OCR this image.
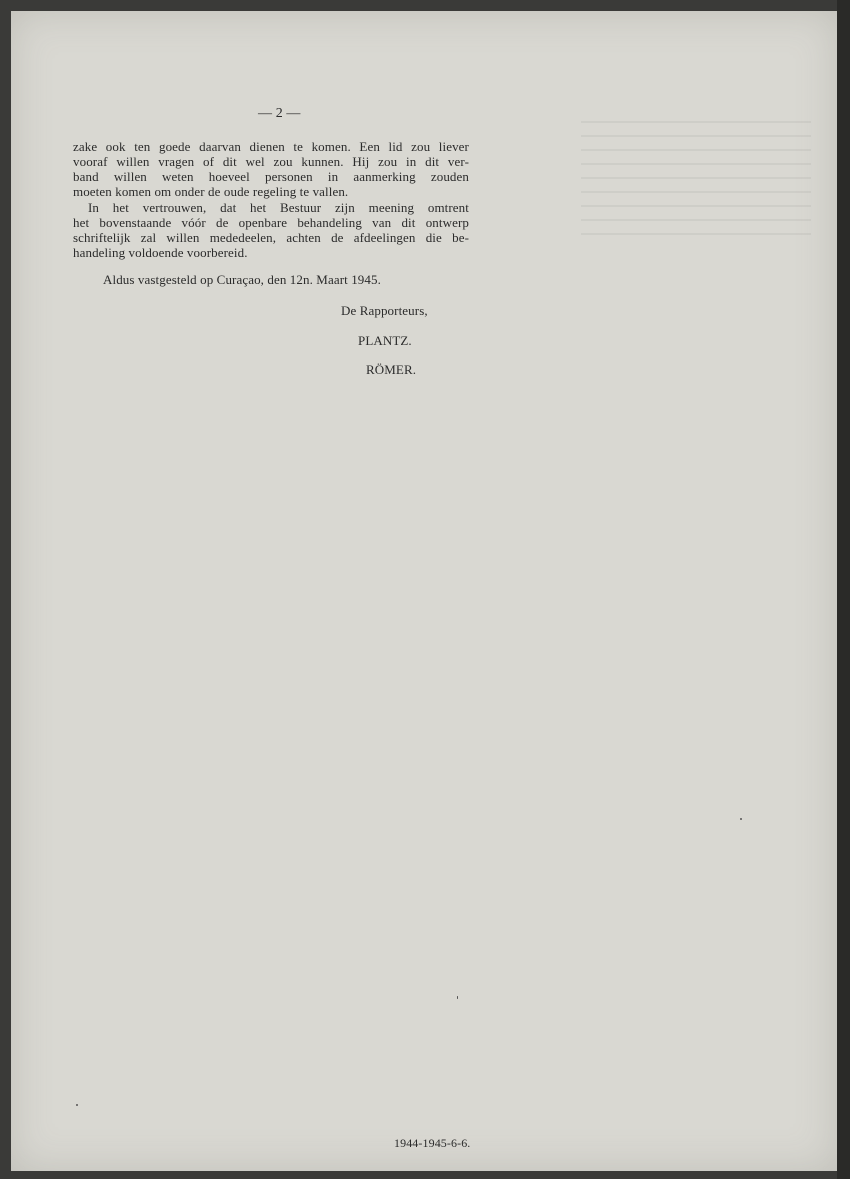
— 2 —
zake ook ten goede daarvan dienen te komen. Een lid zou liever
vooraf willen vragen of dit wel zou kunnen. Hij zou in dit ver-
band willen weten hoeveel personen in aanmerking zouden
moeten komen om onder de oude regeling te vallen.
In het vertrouwen, dat het Bestuur zijn meening omtrent
het bovenstaande vóór de openbare behandeling van dit ontwerp
schriftelijk zal willen mededeelen, achten de afdeelingen die be-
handeling voldoende voorbereid.
Aldus vastgesteld op Curaçao, den 12n. Maart 1945.
De Rapporteurs,
PLANTZ.
RÖMER.
1944-1945-6-6.
